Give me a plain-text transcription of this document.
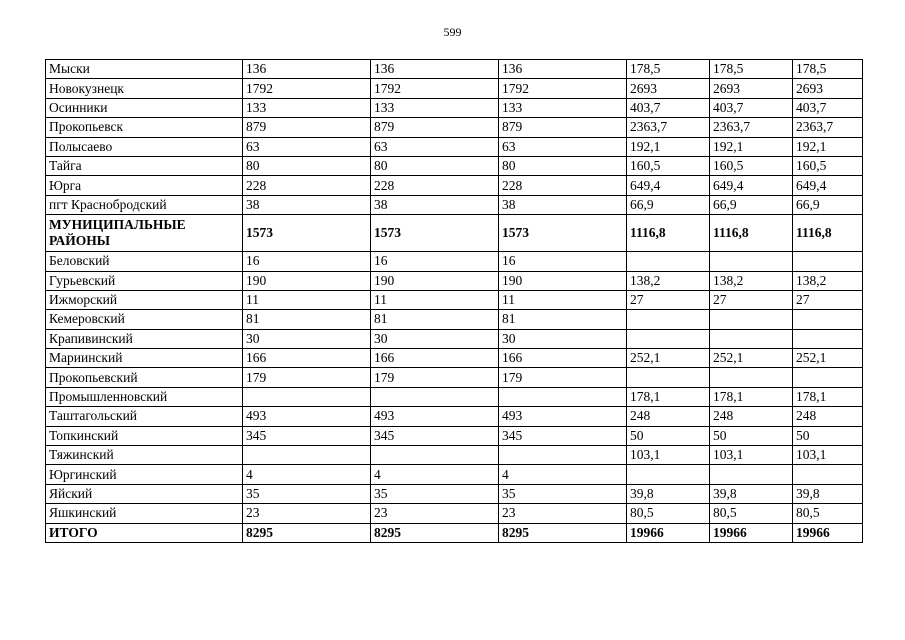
599
Мыски	136	136	136	178,5	178,5	178,5
Новокузнецк	1792	1792	1792	2693	2693	2693
Осинники	133	133	133	403,7	403,7	403,7
Прокопьевск	879	879	879	2363,7	2363,7	2363,7
Полысаево	63	63	63	192,1	192,1	192,1
Тайга	80	80	80	160,5	160,5	160,5
Юрга	228	228	228	649,4	649,4	649,4
пгт Краснобродский	38	38	38	66,9	66,9	66,9
МУНИЦИПАЛЬНЫЕ РАЙОНЫ	1573	1573	1573	1116,8	1116,8	1116,8
Беловский	16	16	16			
Гурьевский	190	190	190	138,2	138,2	138,2
Ижморский	11	11	11	27	27	27
Кемеровский	81	81	81			
Крапивинский	30	30	30			
Мариинский	166	166	166	252,1	252,1	252,1
Прокопьевский	179	179	179			
Промышленновский				178,1	178,1	178,1
Таштагольский	493	493	493	248	248	248
Топкинский	345	345	345	50	50	50
Тяжинский				103,1	103,1	103,1
Юргинский	4	4	4			
Яйский	35	35	35	39,8	39,8	39,8
Яшкинский	23	23	23	80,5	80,5	80,5
ИТОГО	8295	8295	8295	19966	19966	19966
